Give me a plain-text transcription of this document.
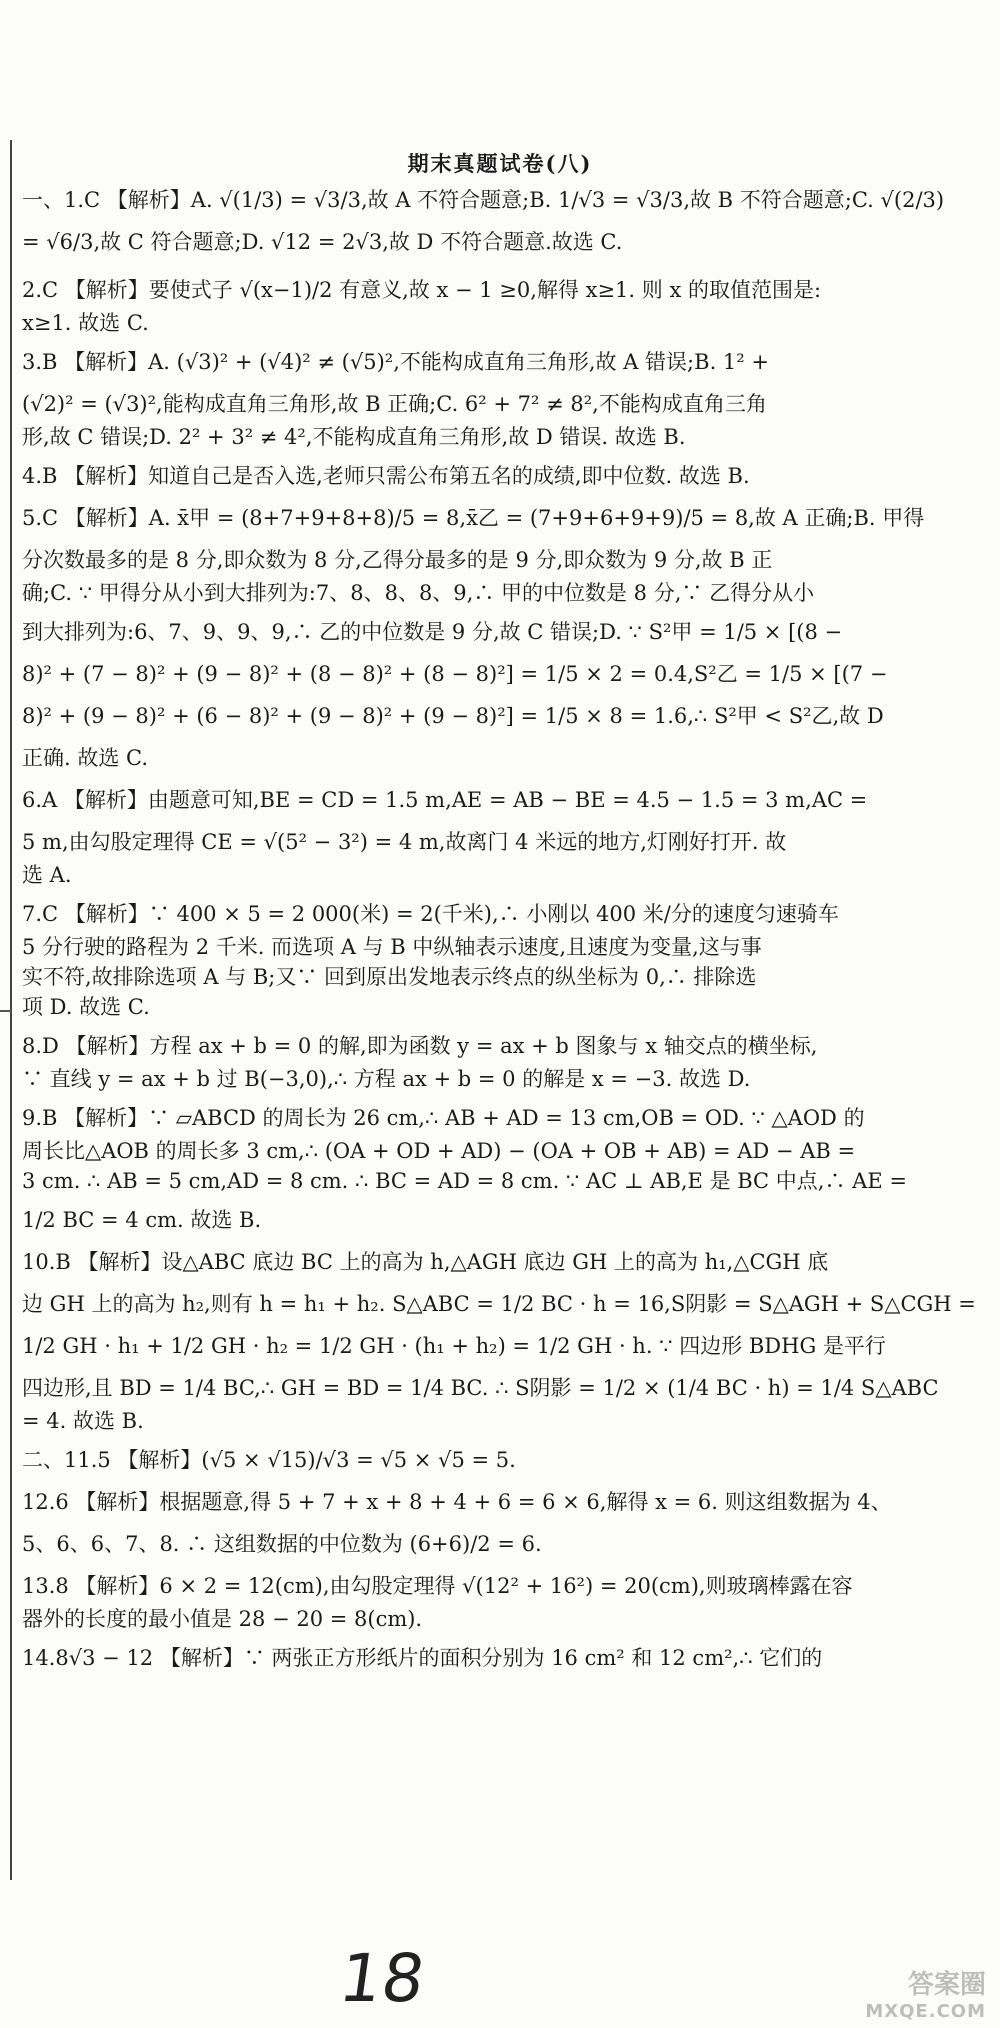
期末真题试卷(八)

一、1.C 【解析】A. √(1/3) = √3/3,故 A 不符合题意;B. 1/√3 = √3/3,故 B 不符合题意;C. √(2/3)

= √6/3,故 C 符合题意;D. √12 = 2√3,故 D 不符合题意.故选 C.

2.C 【解析】要使式子 √(x−1)/2 有意义,故 x − 1 ≥0,解得 x≥1. 则 x 的取值范围是:

x≥1. 故选 C.

3.B 【解析】A. (√3)² + (√4)² ≠ (√5)²,不能构成直角三角形,故 A 错误;B. 1² +

(√2)² = (√3)²,能构成直角三角形,故 B 正确;C. 6² + 7² ≠ 8²,不能构成直角三角

形,故 C 错误;D. 2² + 3² ≠ 4²,不能构成直角三角形,故 D 错误. 故选 B.

4.B 【解析】知道自己是否入选,老师只需公布第五名的成绩,即中位数. 故选 B.

5.C 【解析】A. x̄甲 = (8+7+9+8+8)/5 = 8,x̄乙 = (7+9+6+9+9)/5 = 8,故 A 正确;B. 甲得

分次数最多的是 8 分,即众数为 8 分,乙得分最多的是 9 分,即众数为 9 分,故 B 正

确;C. ∵ 甲得分从小到大排列为:7、8、8、8、9,∴ 甲的中位数是 8 分,∵ 乙得分从小

到大排列为:6、7、9、9、9,∴ 乙的中位数是 9 分,故 C 错误;D. ∵ S²甲 = 1/5 × [(8 −

8)² + (7 − 8)² + (9 − 8)² + (8 − 8)² + (8 − 8)²] = 1/5 × 2 = 0.4,S²乙 = 1/5 × [(7 −

8)² + (9 − 8)² + (6 − 8)² + (9 − 8)² + (9 − 8)²] = 1/5 × 8 = 1.6,∴ S²甲 < S²乙,故 D

正确. 故选 C.

6.A 【解析】由题意可知,BE = CD = 1.5 m,AE = AB − BE = 4.5 − 1.5 = 3 m,AC =

5 m,由勾股定理得 CE = √(5² − 3²) = 4 m,故离门 4 米远的地方,灯刚好打开. 故

选 A.

7.C 【解析】∵ 400 × 5 = 2 000(米) = 2(千米),∴ 小刚以 400 米/分的速度匀速骑车

5 分行驶的路程为 2 千米. 而选项 A 与 B 中纵轴表示速度,且速度为变量,这与事

实不符,故排除选项 A 与 B;又∵ 回到原出发地表示终点的纵坐标为 0,∴ 排除选

项 D. 故选 C.

8.D 【解析】方程 ax + b = 0 的解,即为函数 y = ax + b 图象与 x 轴交点的横坐标,

∵ 直线 y = ax + b 过 B(−3,0),∴ 方程 ax + b = 0 的解是 x = −3. 故选 D.

9.B 【解析】∵ ▱ABCD 的周长为 26 cm,∴ AB + AD = 13 cm,OB = OD. ∵ △AOD 的

周长比△AOB 的周长多 3 cm,∴ (OA + OD + AD) − (OA + OB + AB) = AD − AB =

3 cm. ∴ AB = 5 cm,AD = 8 cm. ∴ BC = AD = 8 cm. ∵ AC ⊥ AB,E 是 BC 中点,∴ AE =

1/2 BC = 4 cm. 故选 B.

10.B 【解析】设△ABC 底边 BC 上的高为 h,△AGH 底边 GH 上的高为 h₁,△CGH 底

边 GH 上的高为 h₂,则有 h = h₁ + h₂. S△ABC = 1/2 BC · h = 16,S阴影 = S△AGH + S△CGH =

1/2 GH · h₁ + 1/2 GH · h₂ = 1/2 GH · (h₁ + h₂) = 1/2 GH · h. ∵ 四边形 BDHG 是平行

四边形,且 BD = 1/4 BC,∴ GH = BD = 1/4 BC. ∴ S阴影 = 1/2 × (1/4 BC · h) = 1/4 S△ABC

= 4. 故选 B.

二、11.5 【解析】(√5 × √15)/√3 = √5 × √5 = 5.

12.6 【解析】根据题意,得 5 + 7 + x + 8 + 4 + 6 = 6 × 6,解得 x = 6. 则这组数据为 4、

5、6、6、7、8. ∴ 这组数据的中位数为 (6+6)/2 = 6.

13.8 【解析】6 × 2 = 12(cm),由勾股定理得 √(12² + 16²) = 20(cm),则玻璃棒露在容

器外的长度的最小值是 28 − 20 = 8(cm).

14.8√3 − 12 【解析】∵ 两张正方形纸片的面积分别为 16 cm² 和 12 cm²,∴ 它们的

18	答案圈
MXQE.COM
